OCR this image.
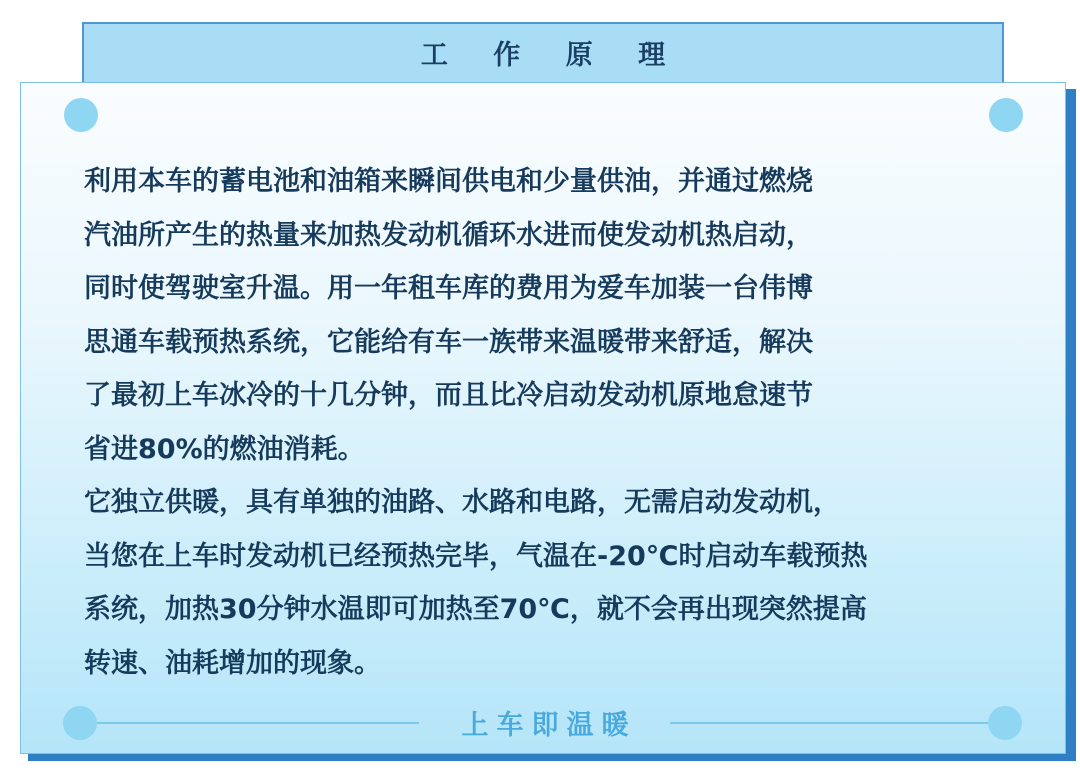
工 作 原 理
利用本车的蓄电池和油箱来瞬间供电和少量供油，并通过燃烧
汽油所产生的热量来加热发动机循环水进而使发动机热启动，
同时使驾驶室升温。用一年租车库的费用为爱车加装一台伟博
思通车载预热系统，它能给有车一族带来温暖带来舒适，解决
了最初上车冰冷的十几分钟，而且比冷启动发动机原地怠速节
省进80%的燃油消耗。
它独立供暖，具有单独的油路、水路和电路，无需启动发动机，
当您在上车时发动机已经预热完毕，气温在-20℃时启动车载预热
系统，加热30分钟水温即可加热至70℃，就不会再出现突然提高
转速、油耗增加的现象。
上车即温暖
